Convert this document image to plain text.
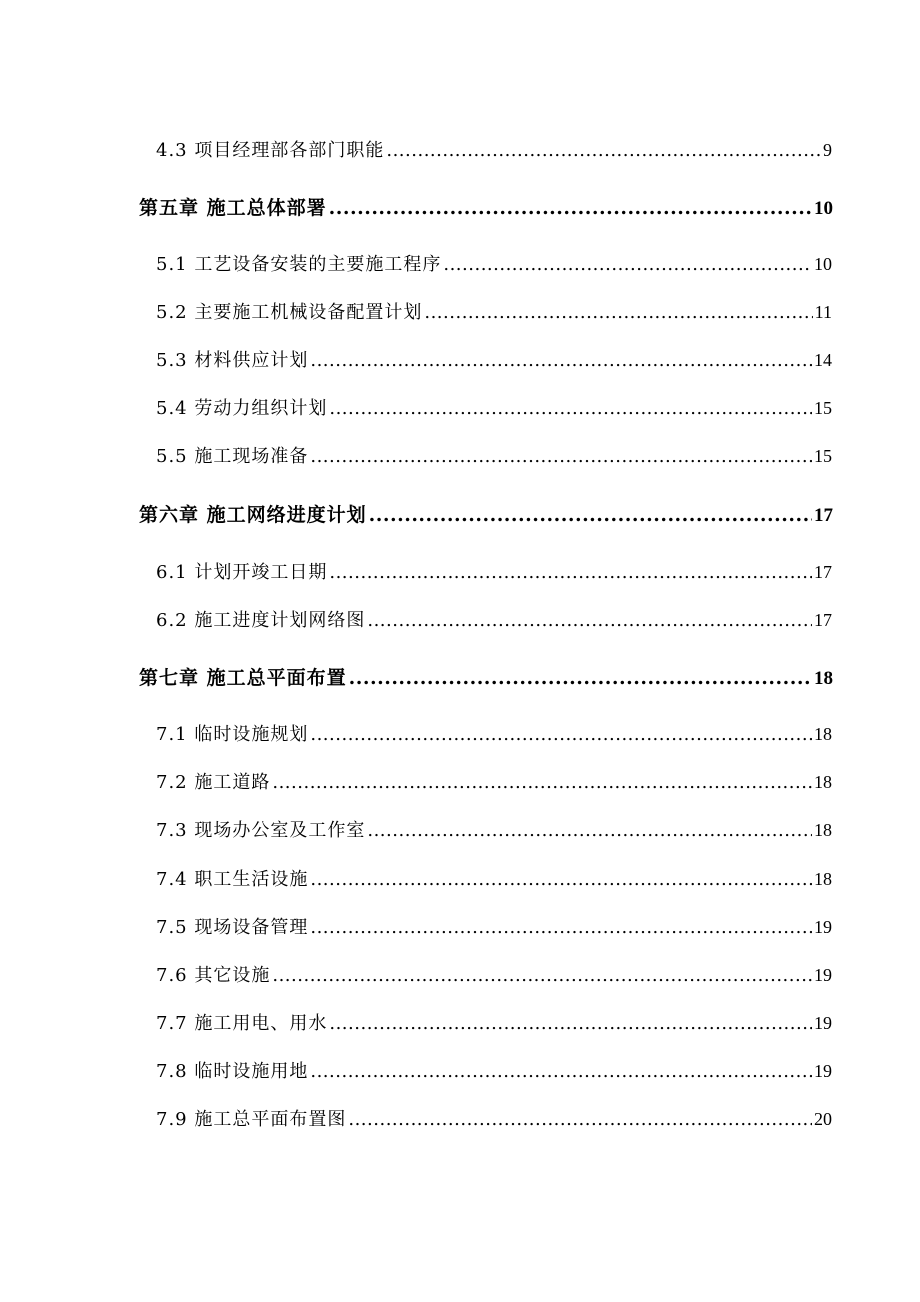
4.3 项目经理部各部门职能 .....	9
第五章 施工总体部署 .....	10
5.1 工艺设备安装的主要施工程序 .....	10
5.2 主要施工机械设备配置计划 .....	11
5.3 材料供应计划 .....	14
5.4 劳动力组织计划 .....	15
5.5 施工现场准备 .....	15
第六章 施工网络进度计划 .....	17
6.1 计划开竣工日期 .....	17
6.2 施工进度计划网络图 .....	17
第七章 施工总平面布置 .....	18
7.1 临时设施规划 .....	18
7.2 施工道路 .....	18
7.3 现场办公室及工作室 .....	18
7.4 职工生活设施 .....	18
7.5 现场设备管理 .....	19
7.6 其它设施 .....	19
7.7 施工用电、用水 .....	19
7.8 临时设施用地 .....	19
7.9 施工总平面布置图 .....	20
